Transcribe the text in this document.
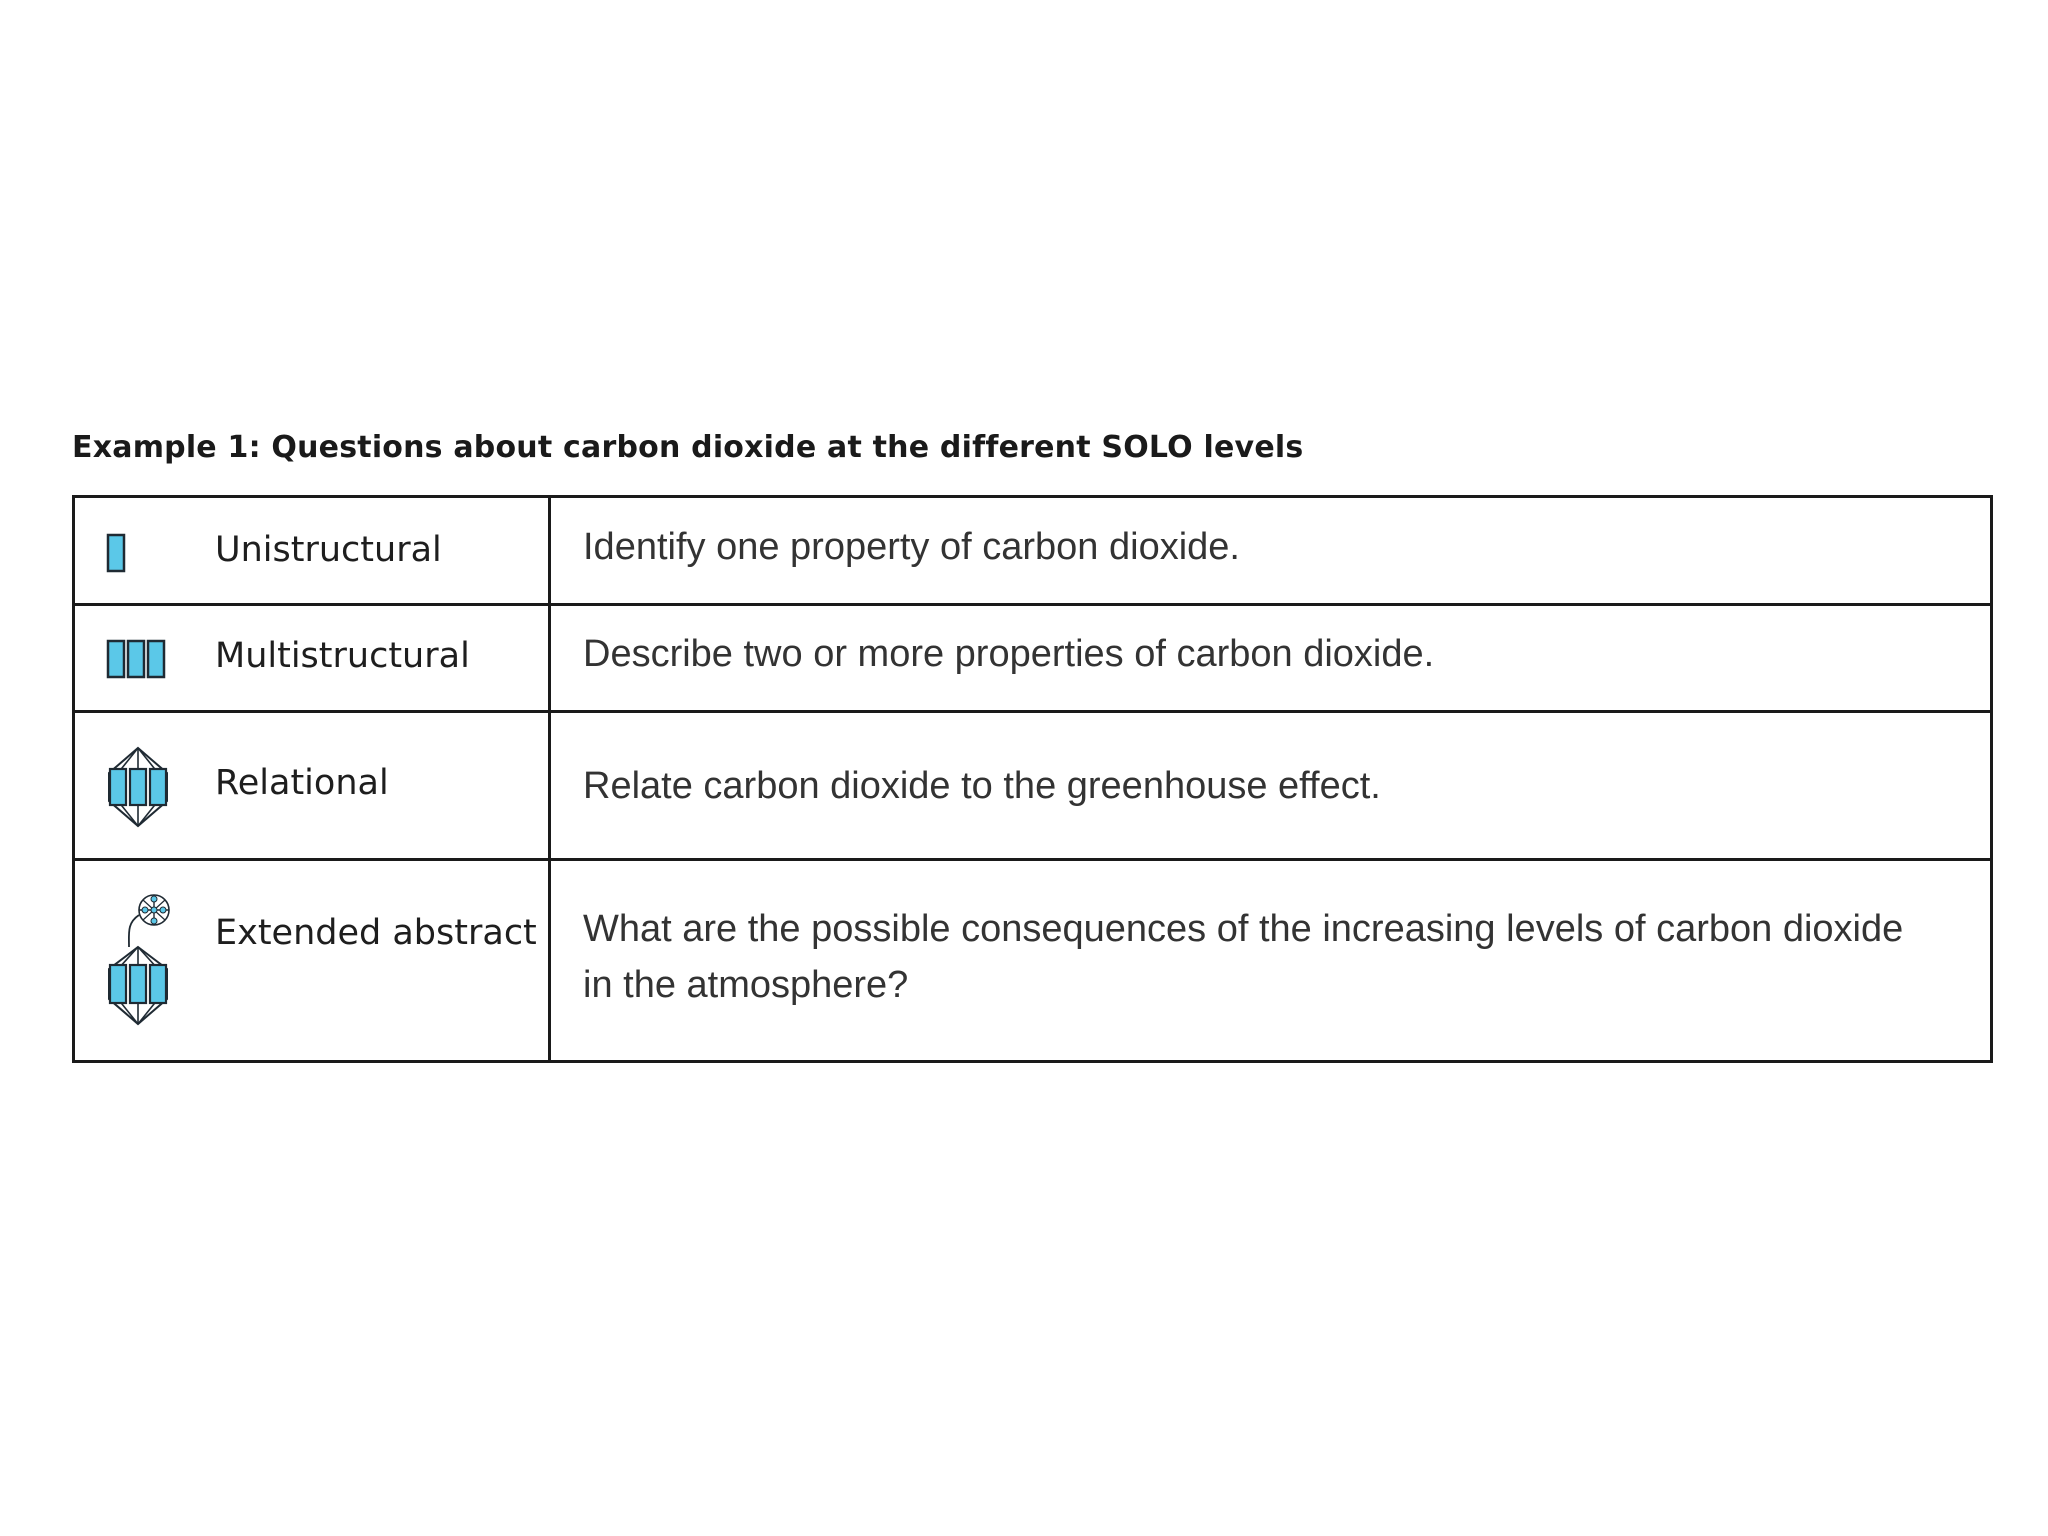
Example 1: Questions about carbon dioxide at the different SOLO levels
Unistructural	Identify one property of carbon dioxide.

Multistructural	Describe two or more properties of carbon dioxide.

Relational	Relate carbon dioxide to the greenhouse effect.

Extended abstract	What are the possible consequences of the increasing levels of carbon dioxide in the atmosphere?
